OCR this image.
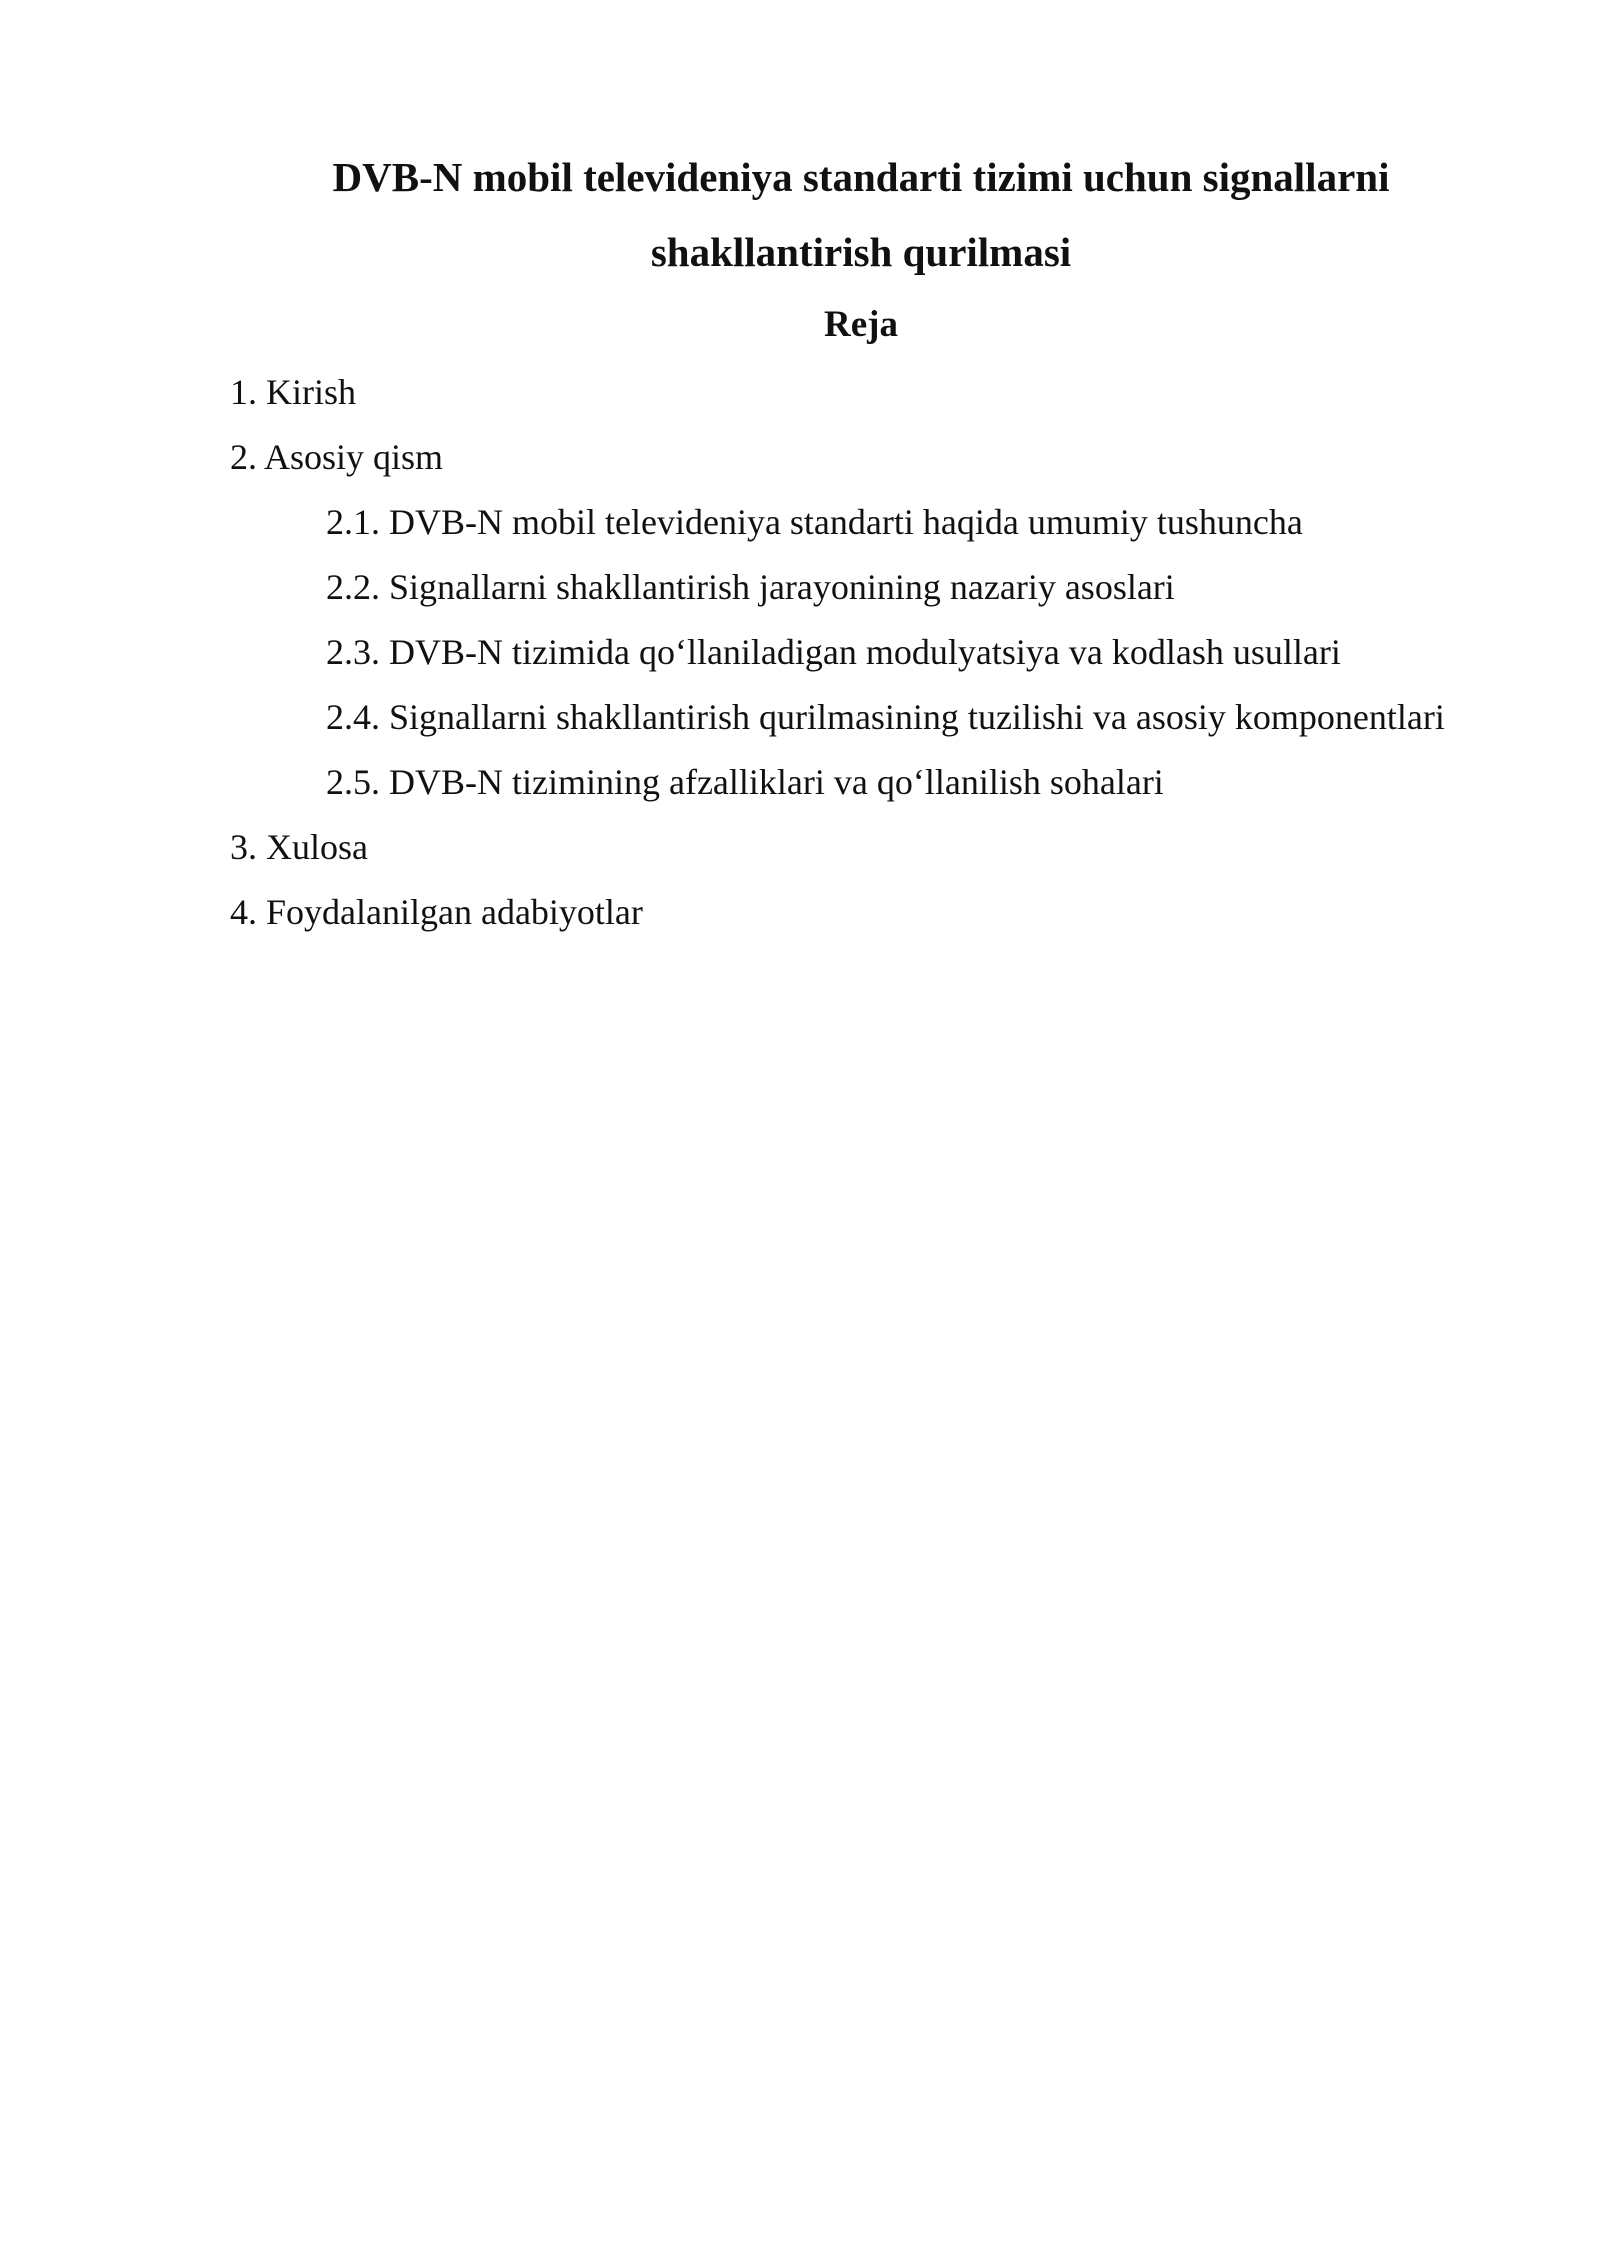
DVB-N mobil televideniya standarti tizimi uchun signallarni
shakllantirish qurilmasi
Reja
1. Kirish
2. Asosiy qism
2.1. DVB-N mobil televideniya standarti haqida umumiy tushuncha
2.2. Signallarni shakllantirish jarayonining nazariy asoslari
2.3. DVB-N tizimida qo‘llaniladigan modulyatsiya va kodlash usullari
2.4. Signallarni shakllantirish qurilmasining tuzilishi va asosiy komponentlari
2.5. DVB-N tizimining afzalliklari va qo‘llanilish sohalari
3. Xulosa
4. Foydalanilgan adabiyotlar
